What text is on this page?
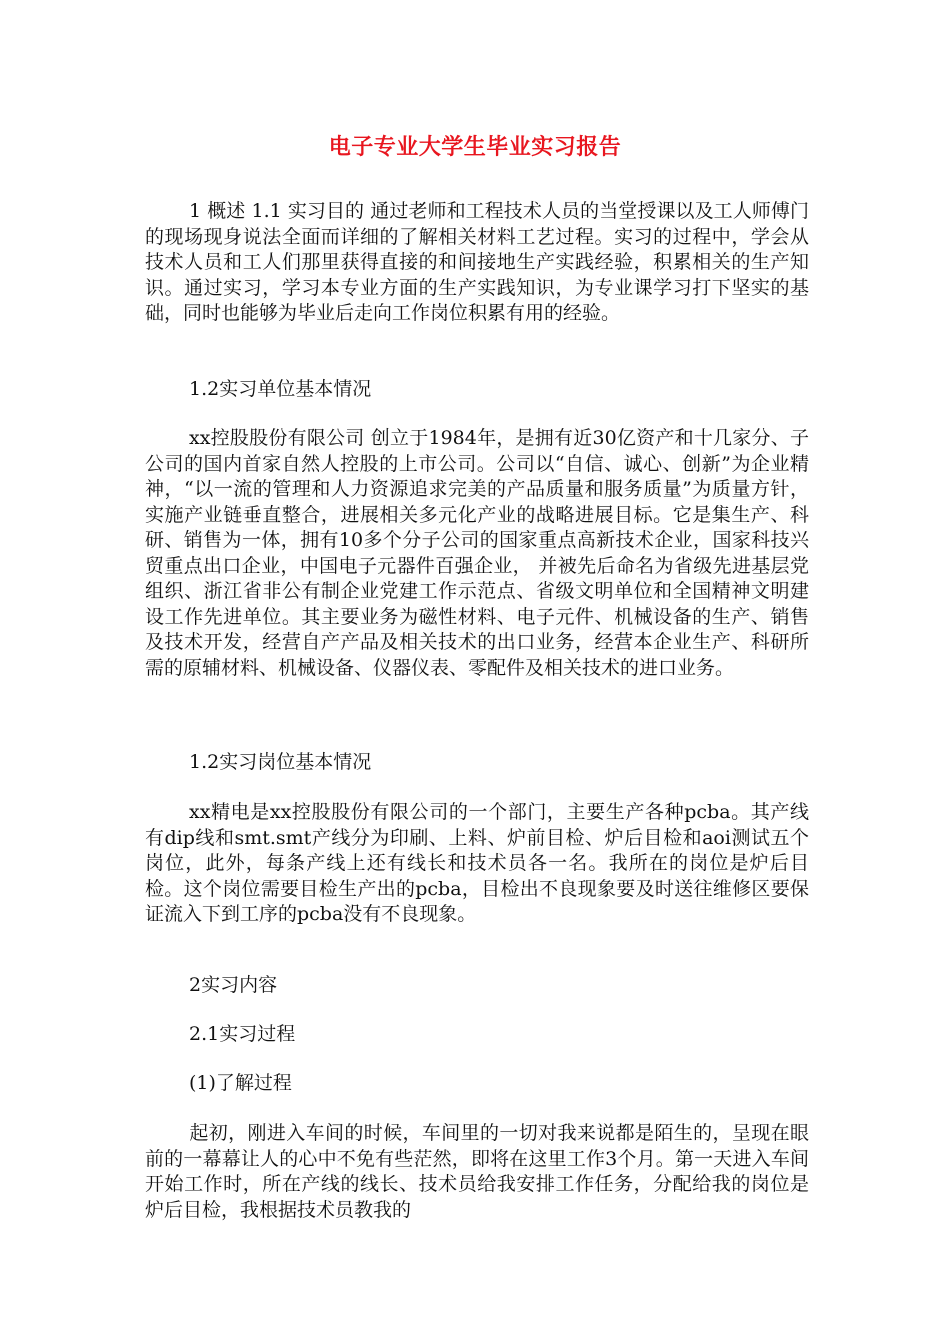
电子专业大学生毕业实习报告

1 概述 1.1 实习目的 通过老师和工程技术人员的当堂授课以及工人师傅门的现场现身说法全面而详细的了解相关材料工艺过程。实习的过程中，学会从技术人员和工人们那里获得直接的和间接地生产实践经验，积累相关的生产知识。通过实习，学习本专业方面的生产实践知识，为专业课学习打下坚实的基础，同时也能够为毕业后走向工作岗位积累有用的经验。

1.2实习单位基本情况

xx控股股份有限公司 创立于1984年，是拥有近30亿资产和十几家分、子公司的国内首家自然人控股的上市公司。公司以“自信、诚心、创新”为企业精神，“以一流的管理和人力资源追求完美的产品质量和服务质量”为质量方针，实施产业链垂直整合，进展相关多元化产业的战略进展目标。它是集生产、科研、销售为一体，拥有10多个分子公司的国家重点高新技术企业，国家科技兴贸重点出口企业，中国电子元器件百强企业， 并被先后命名为省级先进基层党组织、浙江省非公有制企业党建工作示范点、省级文明单位和全国精神文明建设工作先进单位。其主要业务为磁性材料、电子元件、机械设备的生产、销售及技术开发，经营自产产品及相关技术的出口业务，经营本企业生产、科研所需的原辅材料、机械设备、仪器仪表、零配件及相关技术的进口业务。

1.2实习岗位基本情况

xx精电是xx控股股份有限公司的一个部门，主要生产各种pcba。其产线有dip线和smt.smt产线分为印刷、上料、炉前目检、炉后目检和aoi测试五个岗位，此外，每条产线上还有线长和技术员各一名。我所在的岗位是炉后目检。这个岗位需要目检生产出的pcba，目检出不良现象要及时送往维修区要保证流入下到工序的pcba没有不良现象。

2实习内容

2.1实习过程

(1)了解过程

起初，刚进入车间的时候，车间里的一切对我来说都是陌生的，呈现在眼前的一幕幕让人的心中不免有些茫然，即将在这里工作3个月。第一天进入车间开始工作时，所在产线的线长、技术员给我安排工作任务，分配给我的岗位是炉后目检，我根据技术员教我的
